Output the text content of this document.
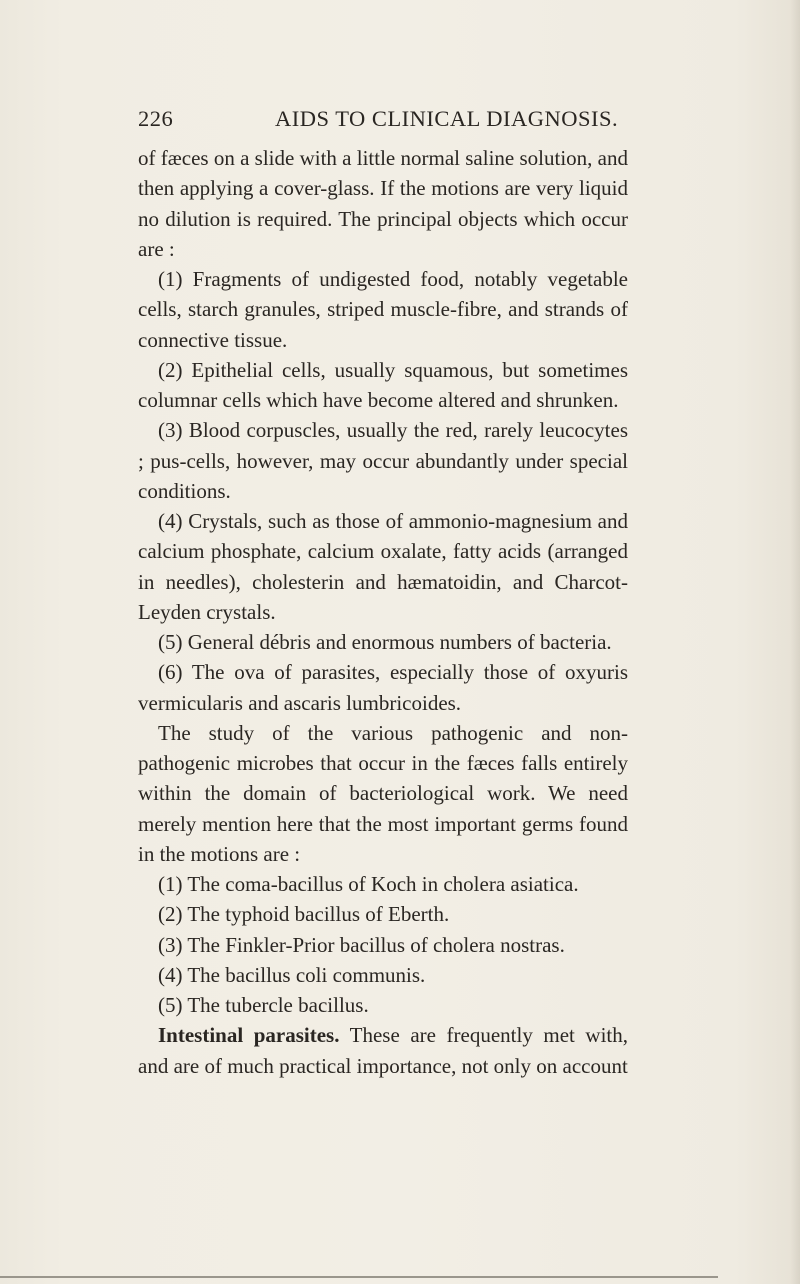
226	AIDS TO CLINICAL DIAGNOSIS.

of fæces on a slide with a little normal saline solution, and then applying a cover-glass. If the motions are very liquid no dilution is required. The principal objects which occur are :

(1) Fragments of undigested food, notably vegetable cells, starch granules, striped muscle-fibre, and strands of connective tissue.

(2) Epithelial cells, usually squamous, but sometimes columnar cells which have become altered and shrunken.

(3) Blood corpuscles, usually the red, rarely leucocytes ; pus-cells, however, may occur abundantly under special conditions.

(4) Crystals, such as those of ammonio-magnesium and calcium phosphate, calcium oxalate, fatty acids (arranged in needles), cholesterin and hæmatoidin, and Charcot-Leyden crystals.

(5) General débris and enormous numbers of bacteria.

(6) The ova of parasites, especially those of oxyuris vermicularis and ascaris lumbricoides.

The study of the various pathogenic and non-pathogenic microbes that occur in the fæces falls entirely within the domain of bacteriological work. We need merely mention here that the most important germs found in the motions are :

(1) The coma-bacillus of Koch in cholera asiatica.

(2) The typhoid bacillus of Eberth.

(3) The Finkler-Prior bacillus of cholera nostras.

(4) The bacillus coli communis.

(5) The tubercle bacillus.

Intestinal parasites. These are frequently met with, and are of much practical importance, not only on account
